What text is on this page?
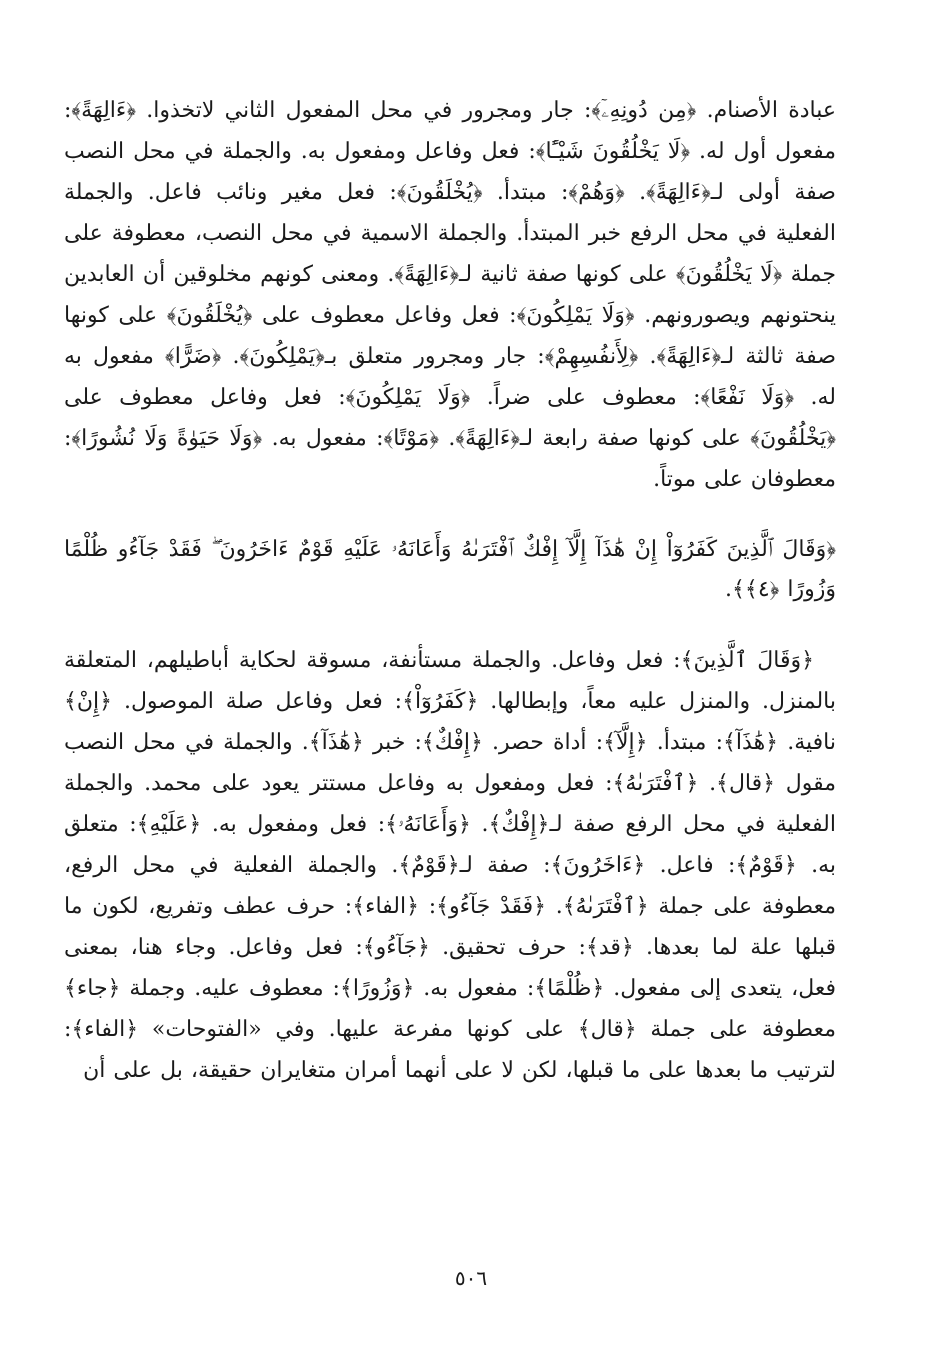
عبادة الأصنام. ﴿مِن دُونِهِۦٓ﴾: جار ومجرور في محل المفعول الثاني لاتخذوا. ﴿ءَالِهَةً﴾: مفعول أول له. ﴿لَا يَخْلُقُونَ شَيْـًٔا﴾: فعل وفاعل ومفعول به. والجملة في محل النصب صفة أولى لـ﴿ءَالِهَةً﴾. ﴿وَهُمْ﴾: مبتدأ. ﴿يُخْلَقُونَ﴾: فعل مغير ونائب فاعل. والجملة الفعلية في محل الرفع خبر المبتدأ. والجملة الاسمية في محل النصب، معطوفة على جملة ﴿لَا يَخْلُقُونَ﴾ على كونها صفة ثانية لـ﴿ءَالِهَةً﴾. ومعنى كونهم مخلوقين أن العابدين ينحتونهم ويصورونهم. ﴿وَلَا يَمْلِكُونَ﴾: فعل وفاعل معطوف على ﴿يُخْلَقُونَ﴾ على كونها صفة ثالثة لـ﴿ءَالِهَةً﴾. ﴿لِأَنفُسِهِمْ﴾: جار ومجرور متعلق بـ﴿يَمْلِكُونَ﴾. ﴿ضَرًّا﴾ مفعول به له. ﴿وَلَا نَفْعًا﴾: معطوف على ضراً. ﴿وَلَا يَمْلِكُونَ﴾: فعل وفاعل معطوف على ﴿يَخْلُقُونَ﴾ على كونها صفة رابعة لـ﴿ءَالِهَةً﴾. ﴿مَوْتًا﴾: مفعول به. ﴿وَلَا حَيَوٰةً وَلَا نُشُورًا﴾: معطوفان على موتاً.

﴿وَقَالَ ٱلَّذِينَ كَفَرُوٓاْ إِنْ هَٰذَآ إِلَّآ إِفْكٌ ٱفْتَرَىٰهُ وَأَعَانَهُۥ عَلَيْهِ قَوْمٌ ءَاخَرُونَ ۖ فَقَدْ جَآءُو ظُلْمًا وَزُورًا ﴿٤﴾﴾.

﴿وَقَالَ ٱلَّذِينَ﴾: فعل وفاعل. والجملة مستأنفة، مسوقة لحكاية أباطيلهم، المتعلقة بالمنزل. والمنزل عليه معاً، وإبطالها. ﴿كَفَرُوٓاْ﴾: فعل وفاعل صلة الموصول. ﴿إِنْ﴾ نافية. ﴿هَٰذَآ﴾: مبتدأ. ﴿إِلَّآ﴾: أداة حصر. ﴿إِفْكٌ﴾: خبر ﴿هَٰذَآ﴾. والجملة في محل النصب مقول ﴿قال﴾. ﴿ٱفْتَرَىٰهُ﴾: فعل ومفعول به وفاعل مستتر يعود على محمد. والجملة الفعلية في محل الرفع صفة لـ﴿إِفْكٌ﴾. ﴿وَأَعَانَهُۥ﴾: فعل ومفعول به. ﴿عَلَيْهِ﴾: متعلق به. ﴿قَوْمٌ﴾: فاعل. ﴿ءَاخَرُونَ﴾: صفة لـ﴿قَوْمٌ﴾. والجملة الفعلية في محل الرفع، معطوفة على جملة ﴿ٱفْتَرَىٰهُ﴾. ﴿فَقَدْ جَآءُو﴾: ﴿الفاء﴾: حرف عطف وتفريع، لكون ما قبلها علة لما بعدها. ﴿قد﴾: حرف تحقيق. ﴿جَآءُو﴾: فعل وفاعل. وجاء هنا، بمعنى فعل، يتعدى إلى مفعول. ﴿ظُلْمًا﴾: مفعول به. ﴿وَزُورًا﴾: معطوف عليه. وجملة ﴿جاء﴾ معطوفة على جملة ﴿قال﴾ على كونها مفرعة عليها. وفي «الفتوحات» ﴿الفاء﴾: لترتيب ما بعدها على ما قبلها، لكن لا على أنهما أمران متغايران حقيقة، بل على أن

٥٠٦
